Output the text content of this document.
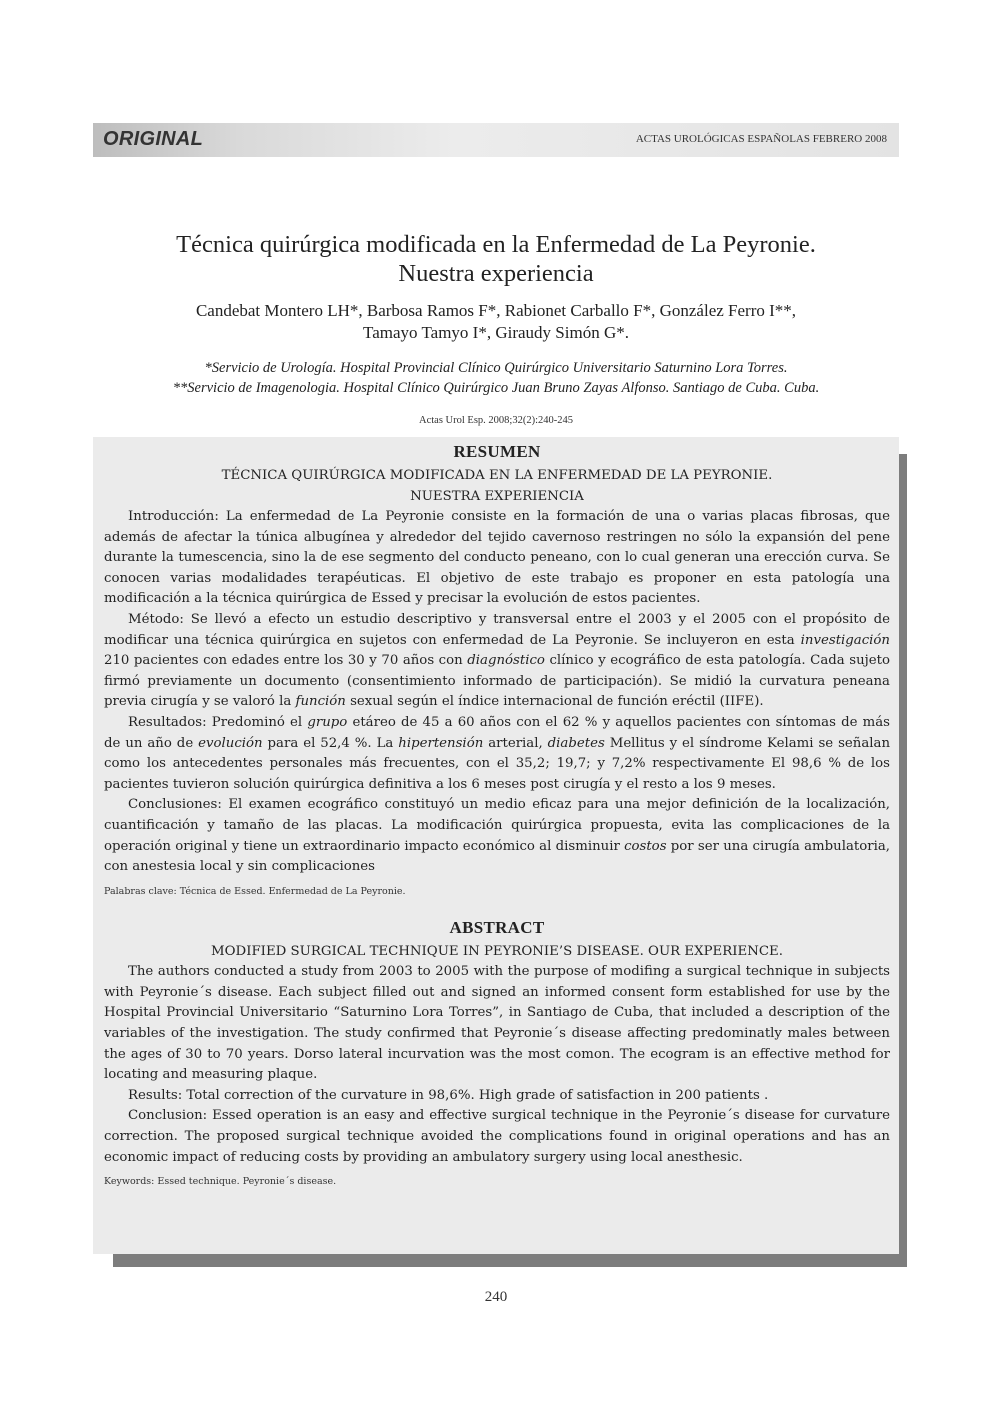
ORIGINAL	ACTAS UROLÓGICAS ESPAÑOLAS FEBRERO 2008
Técnica quirúrgica modificada en la Enfermedad de La Peyronie.
Nuestra experiencia
Candebat Montero LH*, Barbosa Ramos F*, Rabionet Carballo F*, González Ferro I**,
Tamayo Tamyo I*, Giraudy Simón G*.
*Servicio de Urología. Hospital Provincial Clínico Quirúrgico Universitario Saturnino Lora Torres.
**Servicio de Imagenologia. Hospital Clínico Quirúrgico Juan Bruno Zayas Alfonso. Santiago de Cuba. Cuba.
Actas Urol Esp. 2008;32(2):240-245
RESUMEN
TÉCNICA QUIRÚRGICA MODIFICADA EN LA ENFERMEDAD DE LA PEYRONIE.
NUESTRA EXPERIENCIA

Introducción: La enfermedad de La Peyronie consiste en la formación de una o varias placas fibrosas, que además de afectar la túnica albugínea y alrededor del tejido cavernoso restringen no sólo la expansión del pene durante la tumescencia, sino la de ese segmento del conducto peneano, con lo cual generan una erección curva. Se conocen varias modalidades terapéuticas. El objetivo de este trabajo es proponer en esta patología una modificación a la técnica quirúrgica de Essed y precisar la evolución de estos pacientes.

Método: Se llevó a efecto un estudio descriptivo y transversal entre el 2003 y el 2005 con el propósito de modificar una técnica quirúrgica en sujetos con enfermedad de La Peyronie. Se incluyeron en esta investigación 210 pacientes con edades entre los 30 y 70 años con diagnóstico clínico y ecográfico de esta patología. Cada sujeto firmó previamente un documento (consentimiento informado de participación). Se midió la curvatura peneana previa cirugía y se valoró la función sexual según el índice internacional de función eréctil (IIFE).

Resultados: Predominó el grupo etáreo de 45 a 60 años con el 62 % y aquellos pacientes con síntomas de más de un año de evolución para el 52,4 %. La hipertensión arterial, diabetes Mellitus y el síndrome Kelami se señalan como los antecedentes personales más frecuentes, con el 35,2; 19,7; y 7,2% respectivamente El 98,6 % de los pacientes tuvieron solución quirúrgica definitiva a los 6 meses post cirugía y el resto a los 9 meses.

Conclusiones: El examen ecográfico constituyó un medio eficaz para una mejor definición de la localización, cuantificación y tamaño de las placas. La modificación quirúrgica propuesta, evita las complicaciones de la operación original y tiene un extraordinario impacto económico al disminuir costos por ser una cirugía ambulatoria, con anestesia local y sin complicaciones

Palabras clave: Técnica de Essed. Enfermedad de La Peyronie.
ABSTRACT
MODIFIED SURGICAL TECHNIQUE IN PEYRONIE’S DISEASE. OUR EXPERIENCE.

The authors conducted a study from 2003 to 2005 with the purpose of modifing a surgical technique in subjects with Peyronie´s disease. Each subject filled out and signed an informed consent form established for use by the Hospital Provincial Universitario “Saturnino Lora Torres”, in Santiago de Cuba, that included a description of the variables of the investigation. The study confirmed that Peyronie´s disease affecting predominatly males between the ages of 30 to 70 years. Dorso lateral incurvation was the most comon. The ecogram is an effective method for locating and measuring plaque.

Results: Total correction of the curvature in 98,6%. High grade of satisfaction in 200 patients .

Conclusion: Essed operation is an easy and effective surgical technique in the Peyronie´s disease for curvature correction. The proposed surgical technique avoided the complications found in original operations and has an economic impact of reducing costs by providing an ambulatory surgery using local anesthesic.

Keywords: Essed technique. Peyronie´s disease.
240
